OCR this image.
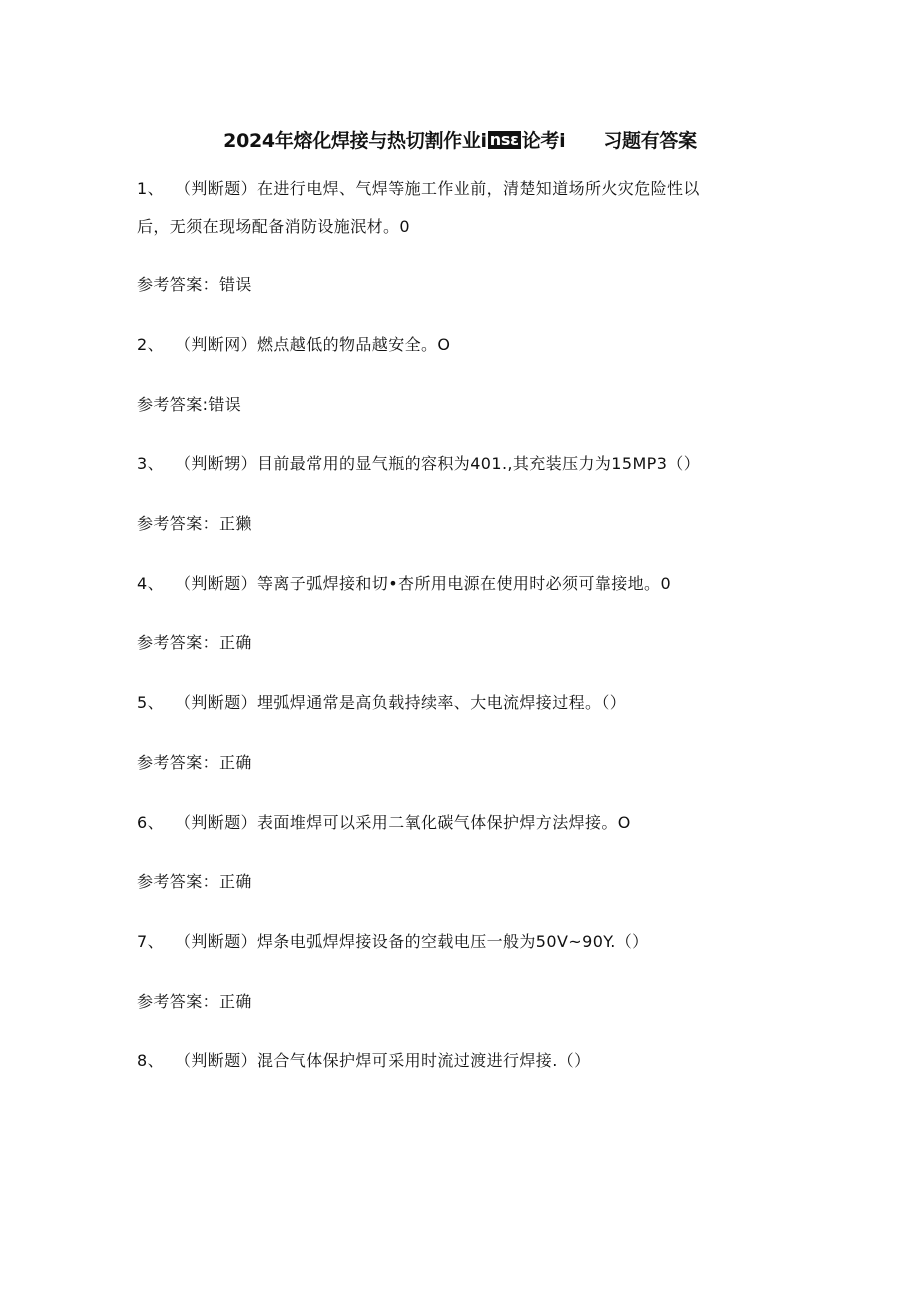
2024年熔化焊接与热切割作业i nsε 论考i 习题有答案
1、 （判断题）在进行电焊、气焊等施工作业前，清楚知道场所火灾危险性以
后，无须在现场配备消防设施泯材。0
参考答案：错误
2、 （判断网）燃点越低的物品越安全。O
参考答案:错误
3、 （判断甥）目前最常用的显气瓶的容积为401.,其充装压力为15MP3（）
参考答案：正獭
4、 （判断题）等离子弧焊接和切•杏所用电源在使用时必须可靠接地。0
参考答案：正确
5、 （判断题）埋弧焊通常是高负载持续率、大电流焊接过程。（）
参考答案：正确
6、 （判断题）表面堆焊可以采用二氧化碳气体保护焊方法焊接。O
参考答案：正确
7、 （判断题）焊条电弧焊焊接设备的空载电压一般为50V~90Y.（）
参考答案：正确
8、 （判断题）混合气体保护焊可采用时流过渡进行焊接.（）
